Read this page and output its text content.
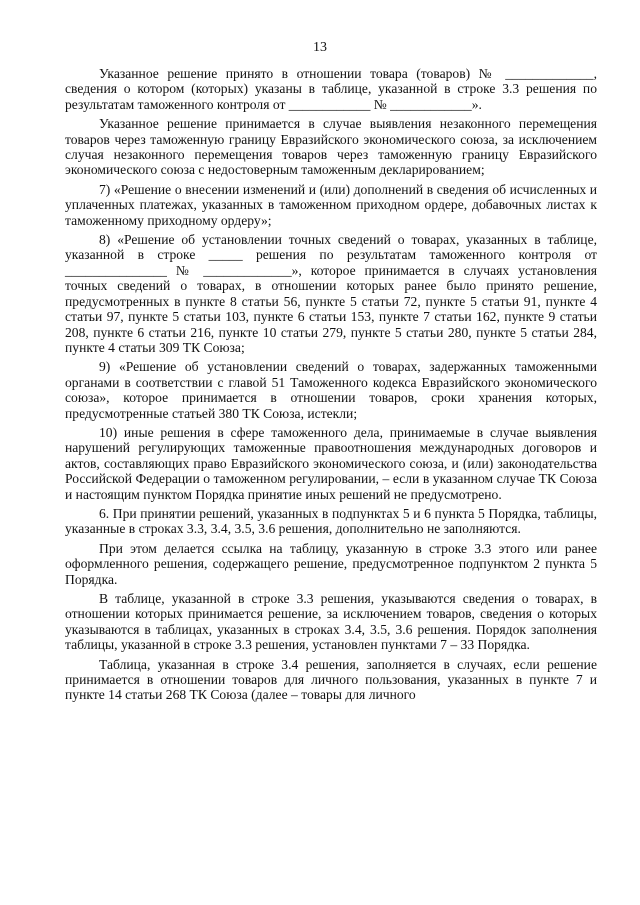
13

Указанное решение принято в отношении товара (товаров) № _____________, сведения о котором (которых) указаны в таблице, указанной в строке 3.3 решения по результатам таможенного контроля от ____________ № ____________».

Указанное решение принимается в случае выявления незаконного перемещения товаров через таможенную границу Евразийского экономического союза, за исключением случая незаконного перемещения товаров через таможенную границу Евразийского экономического союза с недостоверным таможенным декларированием;

7) «Решение о внесении изменений и (или) дополнений в сведения об исчисленных и уплаченных платежах, указанных в таможенном приходном ордере, добавочных листах к таможенному приходному ордеру»;

8) «Решение об установлении точных сведений о товарах, указанных в таблице, указанной в строке _____ решения по результатам таможенного контроля от _______________ № _____________», которое принимается в случаях установления точных сведений о товарах, в отношении которых ранее было принято решение, предусмотренных в пункте 8 статьи 56, пункте 5 статьи 72, пункте 5 статьи 91, пункте 4 статьи 97, пункте 5 статьи 103, пункте 6 статьи 153, пункте 7 статьи 162, пункте 9 статьи 208, пункте 6 статьи 216, пункте 10 статьи 279, пункте 5 статьи 280, пункте 5 статьи 284, пункте 4 статьи 309 ТК Союза;

9) «Решение об установлении сведений о товарах, задержанных таможенными органами в соответствии с главой 51 Таможенного кодекса Евразийского экономического союза», которое принимается в отношении товаров, сроки хранения которых, предусмотренные статьей 380 ТК Союза, истекли;

10) иные решения в сфере таможенного дела, принимаемые в случае выявления нарушений регулирующих таможенные правоотношения международных договоров и актов, составляющих право Евразийского экономического союза, и (или) законодательства Российской Федерации о таможенном регулировании, – если в указанном случае ТК Союза и настоящим пунктом Порядка принятие иных решений не предусмотрено.

6. При принятии решений, указанных в подпунктах 5 и 6 пункта 5 Порядка, таблицы, указанные в строках 3.3, 3.4, 3.5, 3.6 решения, дополнительно не заполняются.

При этом делается ссылка на таблицу, указанную в строке 3.3 этого или ранее оформленного решения, содержащего решение, предусмотренное подпунктом 2 пункта 5 Порядка.

В таблице, указанной в строке 3.3 решения, указываются сведения о товарах, в отношении которых принимается решение, за исключением товаров, сведения о которых указываются в таблицах, указанных в строках 3.4, 3.5, 3.6 решения. Порядок заполнения таблицы, указанной в строке 3.3 решения, установлен пунктами 7 – 33 Порядка.

Таблица, указанная в строке 3.4 решения, заполняется в случаях, если решение принимается в отношении товаров для личного пользования, указанных в пункте 7 и пункте 14 статьи 268 ТК Союза (далее – товары для личного
